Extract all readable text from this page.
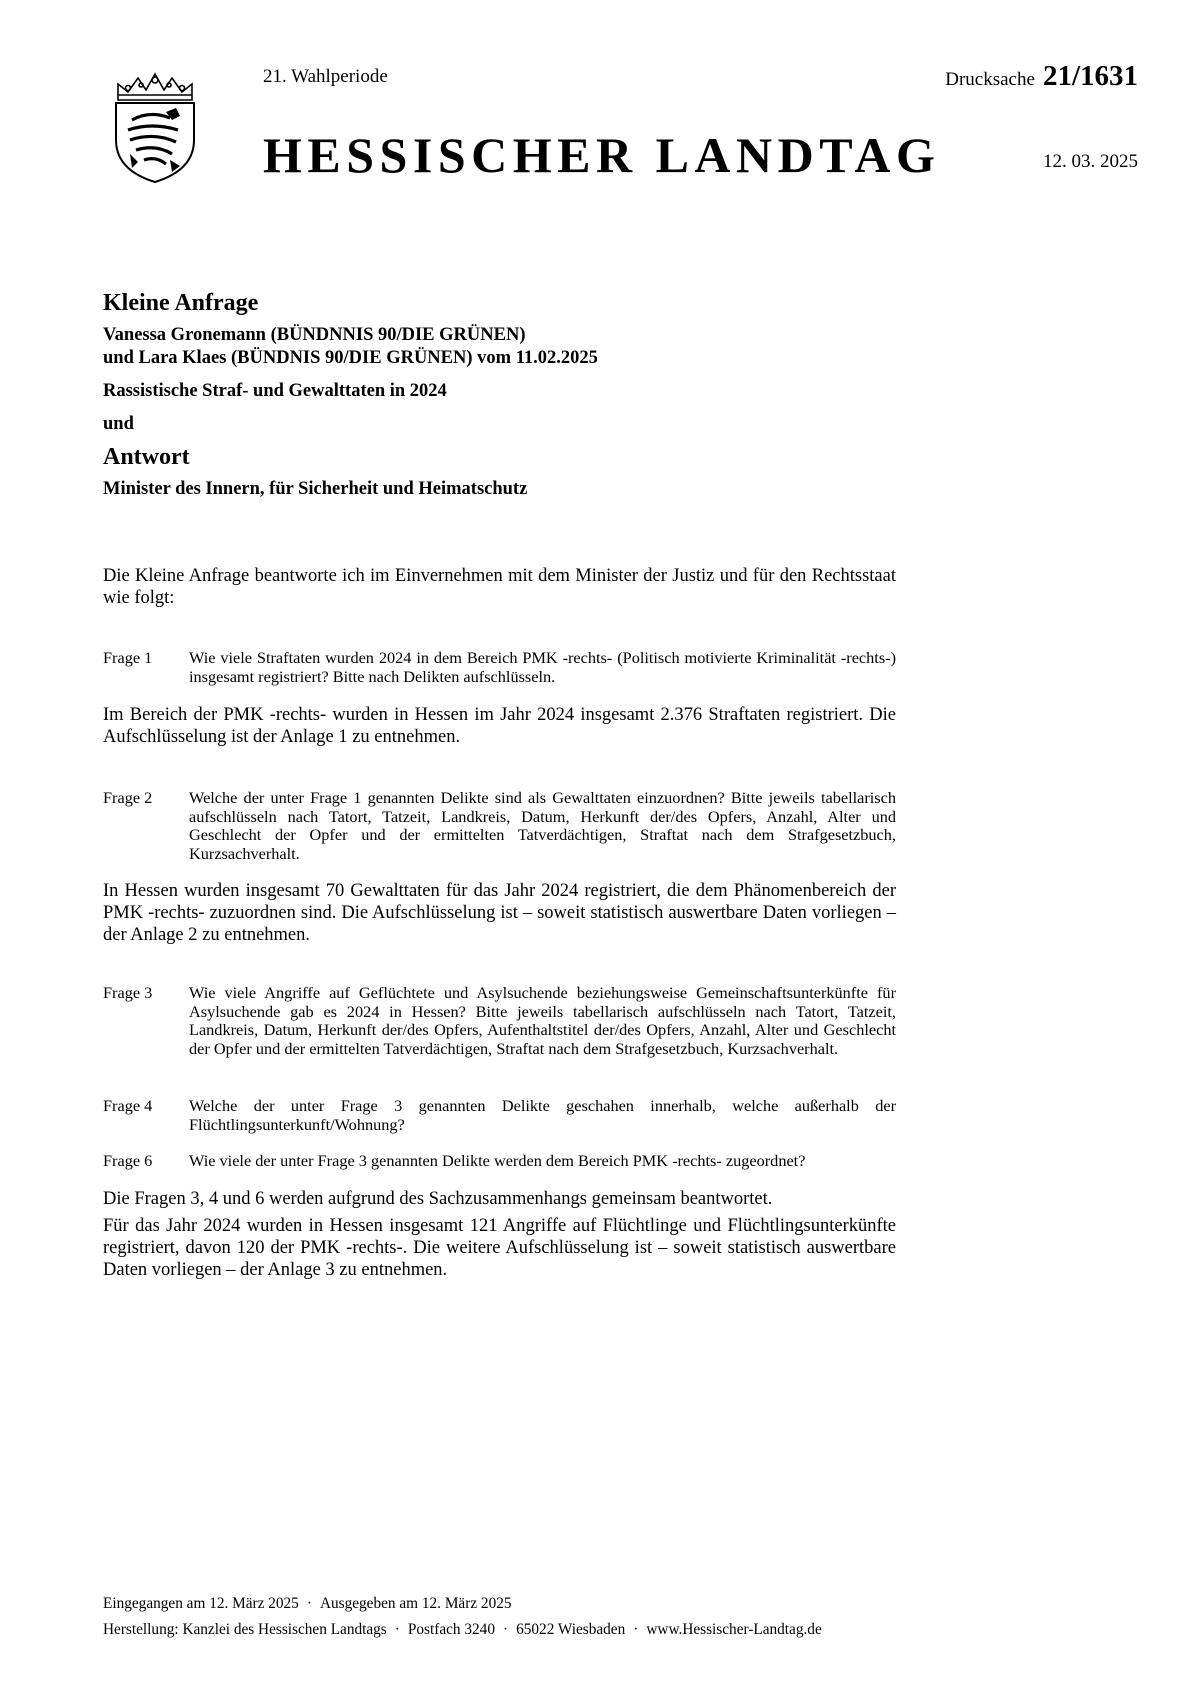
21. Wahlperiode	Drucksache 21/1631
HESSISCHER LANDTAG	12. 03. 2025
Kleine Anfrage
Vanessa Gronemann (BÜNDNNIS 90/DIE GRÜNEN)
und Lara Klaes (BÜNDNIS 90/DIE GRÜNEN) vom 11.02.2025
Rassistische Straf- und Gewalttaten in 2024
und
Antwort
Minister des Innern, für Sicherheit und Heimatschutz
Die Kleine Anfrage beantworte ich im Einvernehmen mit dem Minister der Justiz und für den Rechtsstaat wie folgt:
Frage 1	Wie viele Straftaten wurden 2024 in dem Bereich PMK -rechts- (Politisch motivierte Kriminalität -rechts-) insgesamt registriert? Bitte nach Delikten aufschlüsseln.
Im Bereich der PMK -rechts- wurden in Hessen im Jahr 2024 insgesamt 2.376 Straftaten registriert. Die Aufschlüsselung ist der Anlage 1 zu entnehmen.
Frage 2	Welche der unter Frage 1 genannten Delikte sind als Gewalttaten einzuordnen? Bitte jeweils tabellarisch aufschlüsseln nach Tatort, Tatzeit, Landkreis, Datum, Herkunft der/des Opfers, Anzahl, Alter und Geschlecht der Opfer und der ermittelten Tatverdächtigen, Straftat nach dem Strafgesetzbuch, Kurzsachverhalt.
In Hessen wurden insgesamt 70 Gewalttaten für das Jahr 2024 registriert, die dem Phänomenbereich der PMK -rechts- zuzuordnen sind. Die Aufschlüsselung ist – soweit statistisch auswertbare Daten vorliegen – der Anlage 2 zu entnehmen.
Frage 3	Wie viele Angriffe auf Geflüchtete und Asylsuchende beziehungsweise Gemeinschaftsunterkünfte für Asylsuchende gab es 2024 in Hessen? Bitte jeweils tabellarisch aufschlüsseln nach Tatort, Tatzeit, Landkreis, Datum, Herkunft der/des Opfers, Aufenthaltstitel der/des Opfers, Anzahl, Alter und Geschlecht der Opfer und der ermittelten Tatverdächtigen, Straftat nach dem Strafgesetzbuch, Kurzsachverhalt.
Frage 4	Welche der unter Frage 3 genannten Delikte geschahen innerhalb, welche außerhalb der Flüchtlingsunterkunft/Wohnung?
Frage 6	Wie viele der unter Frage 3 genannten Delikte werden dem Bereich PMK -rechts- zugeordnet?
Die Fragen 3, 4 und 6 werden aufgrund des Sachzusammenhangs gemeinsam beantwortet.
Für das Jahr 2024 wurden in Hessen insgesamt 121 Angriffe auf Flüchtlinge und Flüchtlingsunterkünfte registriert, davon 120 der PMK -rechts-. Die weitere Aufschlüsselung ist – soweit statistisch auswertbare Daten vorliegen – der Anlage 3 zu entnehmen.
Eingegangen am 12. März 2025 · Ausgegeben am 12. März 2025
Herstellung: Kanzlei des Hessischen Landtags · Postfach 3240 · 65022 Wiesbaden · www.Hessischer-Landtag.de
